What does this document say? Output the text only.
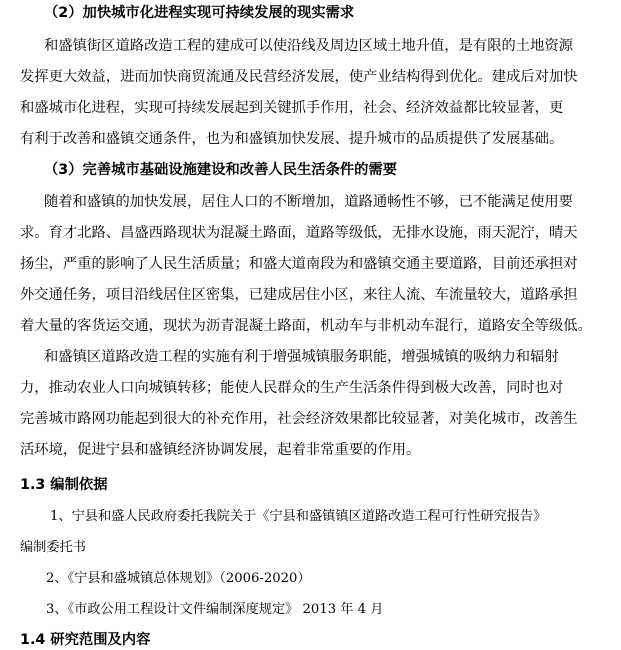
（2）加快城市化进程实现可持续发展的现实需求
和盛镇街区道路改造工程的建成可以使沿线及周边区域土地升值，是有限的土地资源
发挥更大效益，进而加快商贸流通及民营经济发展，使产业结构得到优化。建成后对加快
和盛城市化进程，实现可持续发展起到关键抓手作用，社会、经济效益都比较显著，更
有利于改善和盛镇交通条件，也为和盛镇加快发展、提升城市的品质提供了发展基础。
（3）完善城市基础设施建设和改善人民生活条件的需要
随着和盛镇的加快发展，居住人口的不断增加，道路通畅性不够，已不能满足使用要
求。育才北路、昌盛西路现状为混凝土路面，道路等级低，无排水设施，雨天泥泞，晴天
扬尘，严重的影响了人民生活质量；和盛大道南段为和盛镇交通主要道路，目前还承担对
外交通任务，项目沿线居住区密集，已建成居住小区，来往人流、车流量较大，道路承担
着大量的客货运交通，现状为沥青混凝土路面，机动车与非机动车混行，道路安全等级低。
和盛镇区道路改造工程的实施有利于增强城镇服务职能，增强城镇的吸纳力和辐射
力，推动农业人口向城镇转移；能使人民群众的生产生活条件得到极大改善，同时也对
完善城市路网功能起到很大的补充作用，社会经济效果都比较显著，对美化城市，改善生
活环境，促进宁县和盛镇经济协调发展，起着非常重要的作用。
1.3 编制依据
1、宁县和盛人民政府委托我院关于《宁县和盛镇镇区道路改造工程可行性研究报告》
编制委托书
2、《宁县和盛城镇总体规划》（2006-2020）
3、《市政公用工程设计文件编制深度规定》 2013 年 4 月
1.4 研究范围及内容
